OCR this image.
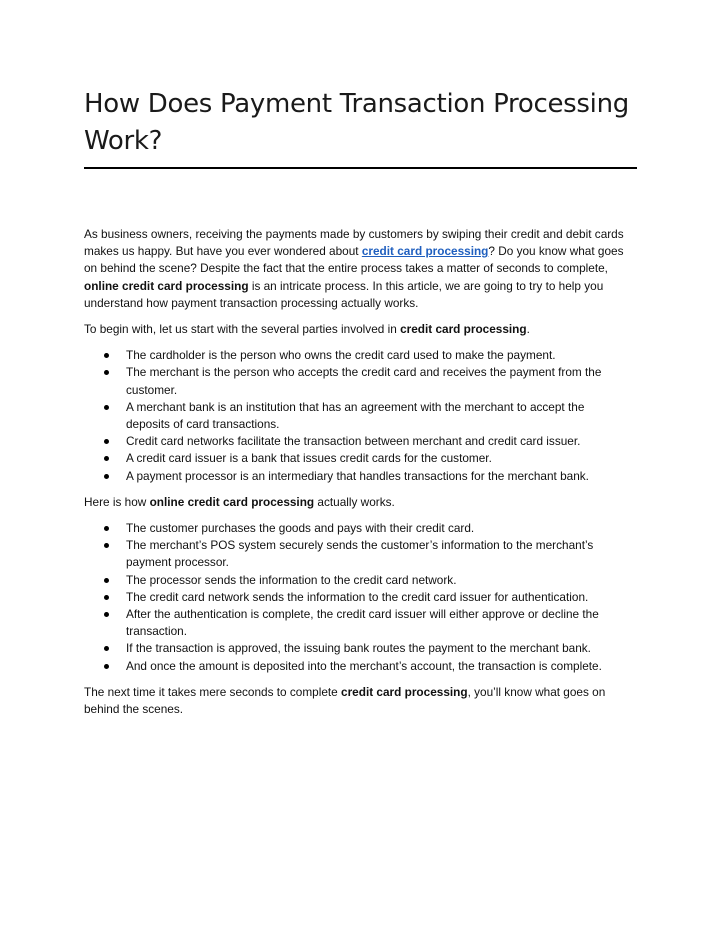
How Does Payment Transaction Processing Work?

As business owners, receiving the payments made by customers by swiping their credit and debit cards makes us happy. But have you ever wondered about credit card processing? Do you know what goes on behind the scene? Despite the fact that the entire process takes a matter of seconds to complete, online credit card processing is an intricate process. In this article, we are going to try to help you understand how payment transaction processing actually works.

To begin with, let us start with the several parties involved in credit card processing.

The cardholder is the person who owns the credit card used to make the payment.
The merchant is the person who accepts the credit card and receives the payment from the customer.
A merchant bank is an institution that has an agreement with the merchant to accept the deposits of card transactions.
Credit card networks facilitate the transaction between merchant and credit card issuer.
A credit card issuer is a bank that issues credit cards for the customer.
A payment processor is an intermediary that handles transactions for the merchant bank.

Here is how online credit card processing actually works.

The customer purchases the goods and pays with their credit card.
The merchant’s POS system securely sends the customer’s information to the merchant’s payment processor.
The processor sends the information to the credit card network.
The credit card network sends the information to the credit card issuer for authentication.
After the authentication is complete, the credit card issuer will either approve or decline the transaction.
If the transaction is approved, the issuing bank routes the payment to the merchant bank.
And once the amount is deposited into the merchant’s account, the transaction is complete.

The next time it takes mere seconds to complete credit card processing, you’ll know what goes on behind the scenes.
